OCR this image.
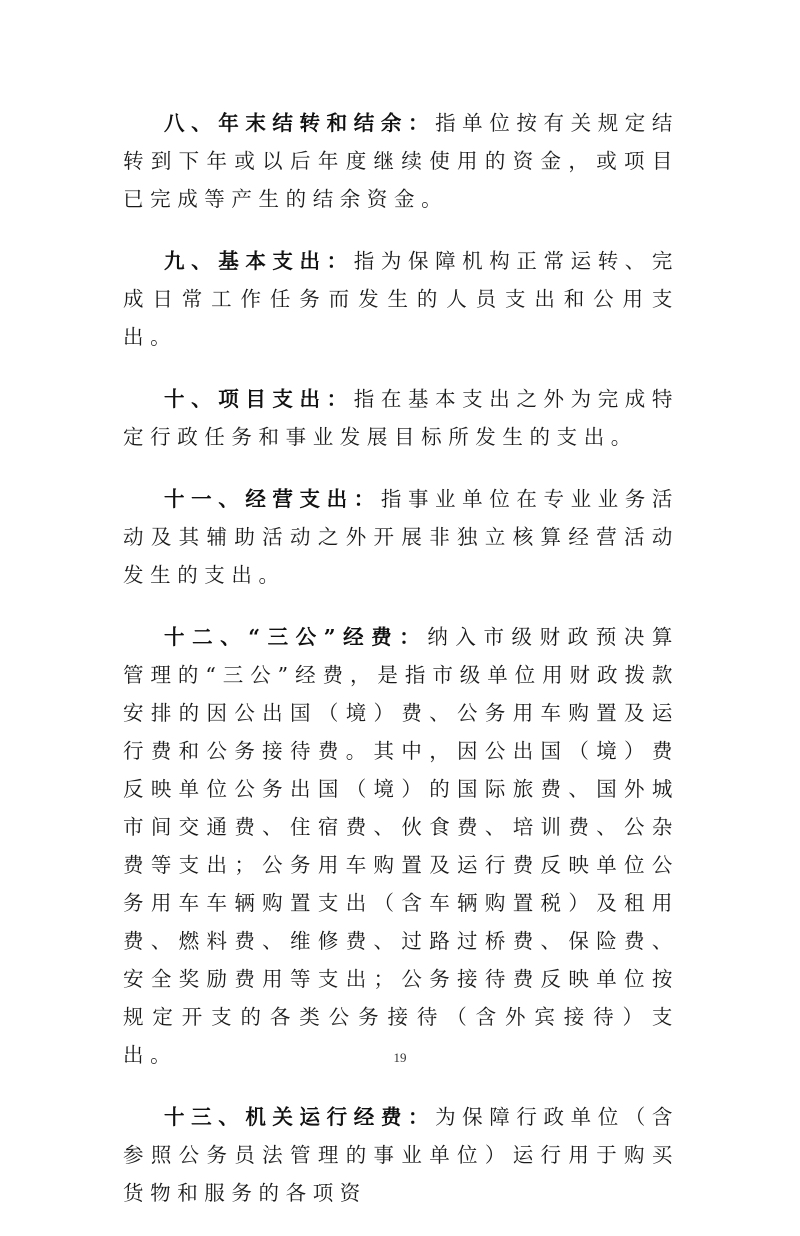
八、年末结转和结余：指单位按有关规定结转到下年或以后年度继续使用的资金，或项目已完成等产生的结余资金。

九、基本支出：指为保障机构正常运转、完成日常工作任务而发生的人员支出和公用支出。

十、项目支出：指在基本支出之外为完成特定行政任务和事业发展目标所发生的支出。

十一、经营支出：指事业单位在专业业务活动及其辅助活动之外开展非独立核算经营活动发生的支出。

十二、“三公”经费：纳入市级财政预决算管理的“三公”经费，是指市级单位用财政拨款安排的因公出国（境）费、公务用车购置及运行费和公务接待费。其中，因公出国（境）费反映单位公务出国（境）的国际旅费、国外城市间交通费、住宿费、伙食费、培训费、公杂费等支出；公务用车购置及运行费反映单位公务用车车辆购置支出（含车辆购置税）及租用费、燃料费、维修费、过路过桥费、保险费、安全奖励费用等支出；公务接待费反映单位按规定开支的各类公务接待（含外宾接待）支出。

十三、机关运行经费：为保障行政单位（含参照公务员法管理的事业单位）运行用于购买货物和服务的各项资

19
